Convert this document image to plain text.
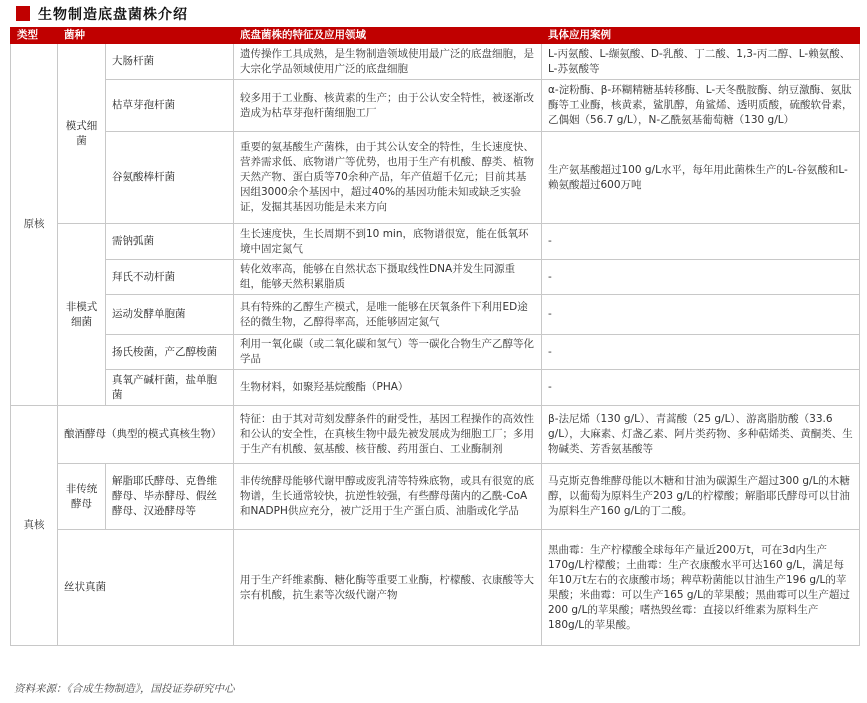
生物制造底盘菌株介绍
类型	菌种		底盘菌株的特征及应用领域	具体应用案例
原核	模式细菌	大肠杆菌	遗传操作工具成熟，是生物制造领域使用最广泛的底盘细胞，是大宗化学品领域使用广泛的底盘细胞	L-丙氨酸、L-缬氨酸、D-乳酸、丁二酸、1,3-丙二醇、L-赖氨酸、L-苏氨酸等
		枯草芽孢杆菌	较多用于工业酶、核黄素的生产；由于公认安全特性，被逐渐改造成为枯草芽孢杆菌细胞工厂	α-淀粉酶、β-环糊精糖基转移酶、L-天冬酰胺酶、纳豆激酶、氨肽酶等工业酶，核黄素，鲨肌醇，角鲨烯、透明质酸，硫酸软骨素，乙偶姻（56.7 g/L），N-乙酰氨基葡萄糖（130 g/L）
		谷氨酸棒杆菌	重要的氨基酸生产菌株，由于其公认安全的特性，生长速度快、营养需求低、底物谱广等优势，也用于生产有机酸、醇类、植物天然产物、蛋白质等70余种产品，年产值超千亿元；目前其基因组3000余个基因中，超过40%的基因功能未知或缺乏实验证，发掘其基因功能是未来方向	生产氨基酸超过100 g/L水平，每年用此菌株生产的L-谷氨酸和L-赖氨酸超过600万吨
	非模式细菌	需钠弧菌	生长速度快，生长周期不到10 min，底物谱很宽，能在低氧环境中固定氮气	-
		拜氏不动杆菌	转化效率高，能够在自然状态下摄取线性DNA并发生同源重组，能够天然积累脂质	-
		运动发酵单胞菌	具有特殊的乙醇生产模式，是唯一能够在厌氧条件下利用ED途径的微生物，乙醇得率高，还能够固定氮气	-
		扬氏梭菌，产乙醇梭菌	利用一氧化碳（或二氧化碳和氢气）等一碳化合物生产乙醇等化学品	-
		真氧产碱杆菌，盐单胞菌	生物材料，如聚羟基烷酸酯（PHA）	-
真核	酿酒酵母（典型的模式真核生物）		特征：由于其对苛刻发酵条件的耐受性，基因工程操作的高效性和公认的安全性，在真核生物中最先被发展成为细胞工厂；多用于生产有机酸、氨基酸、核苷酸、药用蛋白、工业酶制剂	β-法尼烯（130 g/L）、青蒿酸（25 g/L）、游离脂肪酸（33.6 g/L），大麻素、灯盏乙素、阿片类药物、多种萜烯类、黄酮类、生物碱类、芳香氨基酸等
	非传统酵母	解脂耶氏酵母、克鲁维酵母、毕赤酵母、假丝酵母、汉逊酵母等	非传统酵母能够代谢甲醇或废乳清等特殊底物，或具有很宽的底物谱，生长通常较快，抗逆性较强，有些酵母菌内的乙酰-CoA和NADPH供应充分，被广泛用于生产蛋白质、油脂或化学品	马克斯克鲁维酵母能以木糖和甘油为碳源生产超过300 g/L的木糖醇，以葡萄为原料生产203 g/L的柠檬酸；解脂耶氏酵母可以甘油为原料生产160 g/L的丁二酸。
	丝状真菌		用于生产纤维素酶、糖化酶等重要工业酶，柠檬酸、衣康酸等大宗有机酸，抗生素等次级代谢产物	黑曲霉：生产柠檬酸全球每年产量近200万t，可在3d内生产170g/L柠檬酸；土曲霉：生产衣康酸水平可达160 g/L，满足每年10万t左右的衣康酸市场；稗草粉菌能以甘油生产196 g/L的苹果酸；米曲霉：可以生产165 g/L的苹果酸；黑曲霉可以生产超过200 g/L的苹果酸；嗜热毁丝霉：直接以纤维素为原料生产180g/L的苹果酸。
资料来源：《合成生物制造》，国投证券研究中心
